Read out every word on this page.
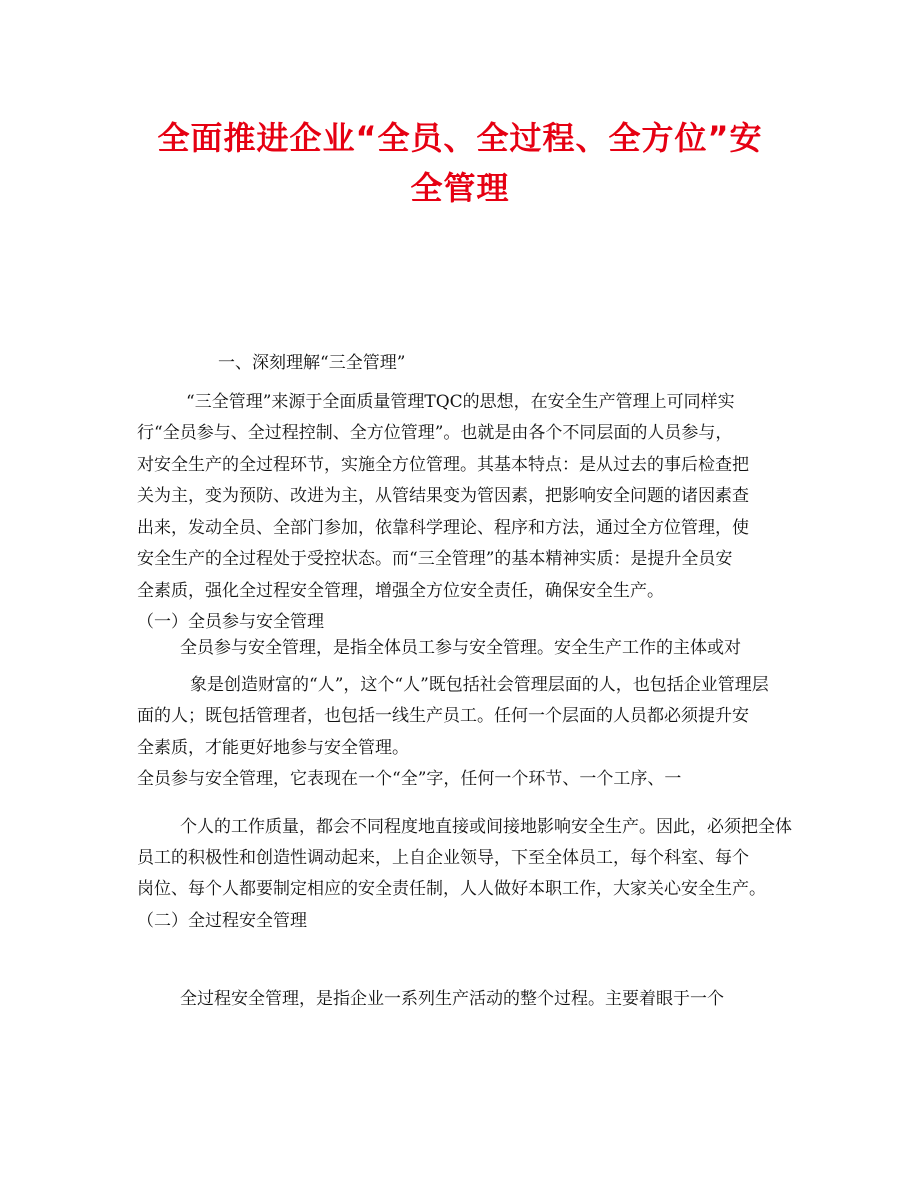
全面推进企业“全员、全过程、全方位”安
全管理
一、深刻理解“三全管理”
“三全管理”来源于全面质量管理TQC的思想，在安全生产管理上可同样实
行“全员参与、全过程控制、全方位管理”。也就是由各个不同层面的人员参与，
对安全生产的全过程环节，实施全方位管理。其基本特点：是从过去的事后检查把
关为主，变为预防、改进为主，从管结果变为管因素，把影响安全问题的诸因素查
出来，发动全员、全部门参加，依靠科学理论、程序和方法，通过全方位管理，使
安全生产的全过程处于受控状态。而“三全管理”的基本精神实质：是提升全员安
全素质，强化全过程安全管理，增强全方位安全责任，确保安全生产。
（一）全员参与安全管理
全员参与安全管理，是指全体员工参与安全管理。安全生产工作的主体或对
象是创造财富的“人”，这个“人”既包括社会管理层面的人，也包括企业管理层
面的人；既包括管理者，也包括一线生产员工。任何一个层面的人员都必须提升安
全素质，才能更好地参与安全管理。
全员参与安全管理，它表现在一个“全”字，任何一个环节、一个工序、一
个人的工作质量，都会不同程度地直接或间接地影响安全生产。因此，必须把全体
员工的积极性和创造性调动起来，上自企业领导，下至全体员工，每个科室、每个
岗位、每个人都要制定相应的安全责任制，人人做好本职工作，大家关心安全生产。
（二）全过程安全管理
全过程安全管理，是指企业一系列生产活动的整个过程。主要着眼于一个
